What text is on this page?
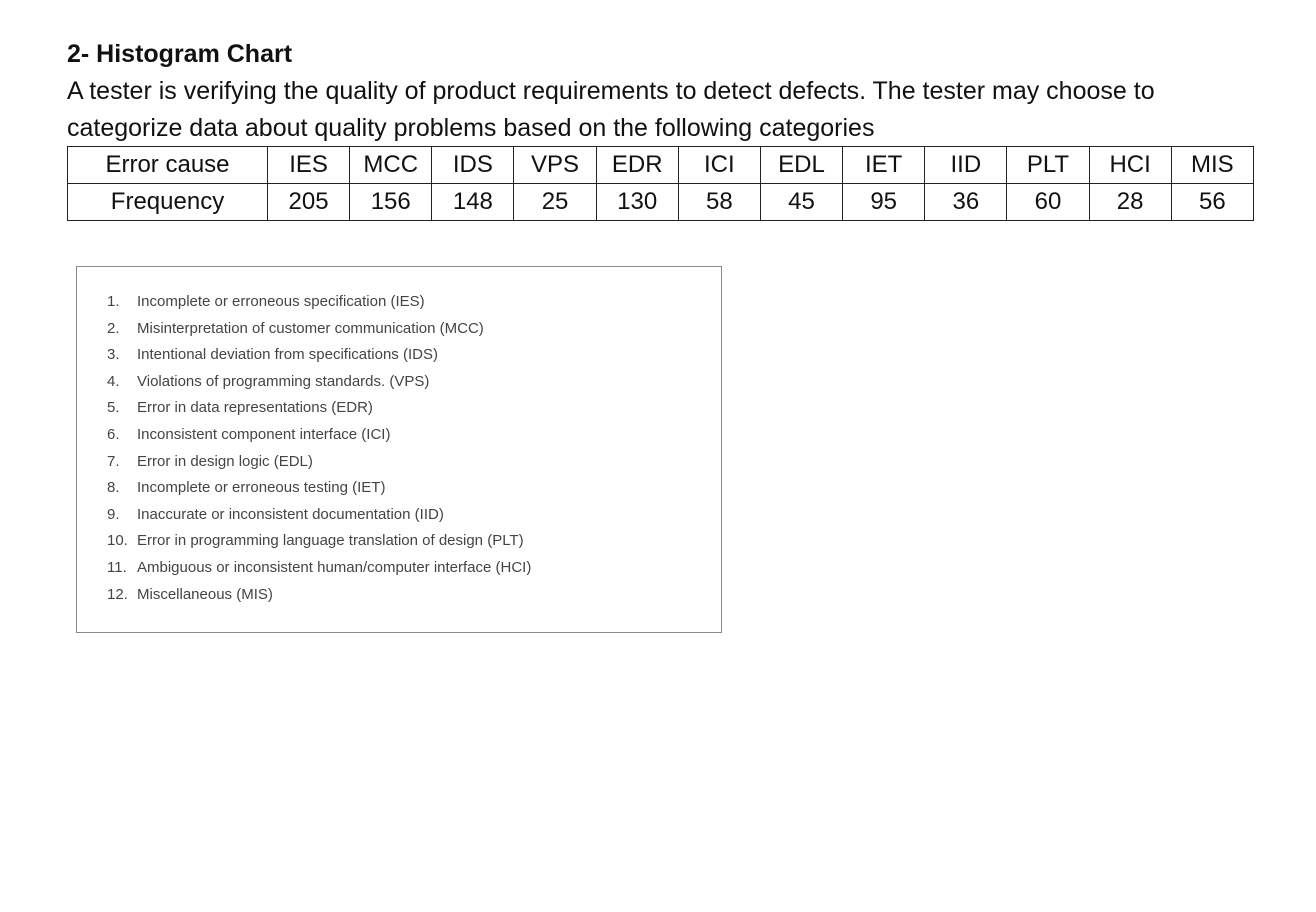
2- Histogram Chart

A tester is verifying the quality of product requirements to detect defects. The tester may choose to categorize data about quality problems based on the following categories

Error cause	IES	MCC	IDS	VPS	EDR	ICI	EDL	IET	IID	PLT	HCI	MIS
Frequency	205	156	148	25	130	58	45	95	36	60	28	56
1. Incomplete or erroneous specification (IES)
2. Misinterpretation of customer communication (MCC)
3. Intentional deviation from specifications (IDS)
4. Violations of programming standards. (VPS)
5. Error in data representations (EDR)
6. Inconsistent component interface (ICI)
7. Error in design logic (EDL)
8. Incomplete or erroneous testing (IET)
9. Inaccurate or inconsistent documentation (IID)
10. Error in programming language translation of design (PLT)
11. Ambiguous or inconsistent human/computer interface (HCI)
12. Miscellaneous (MIS)
